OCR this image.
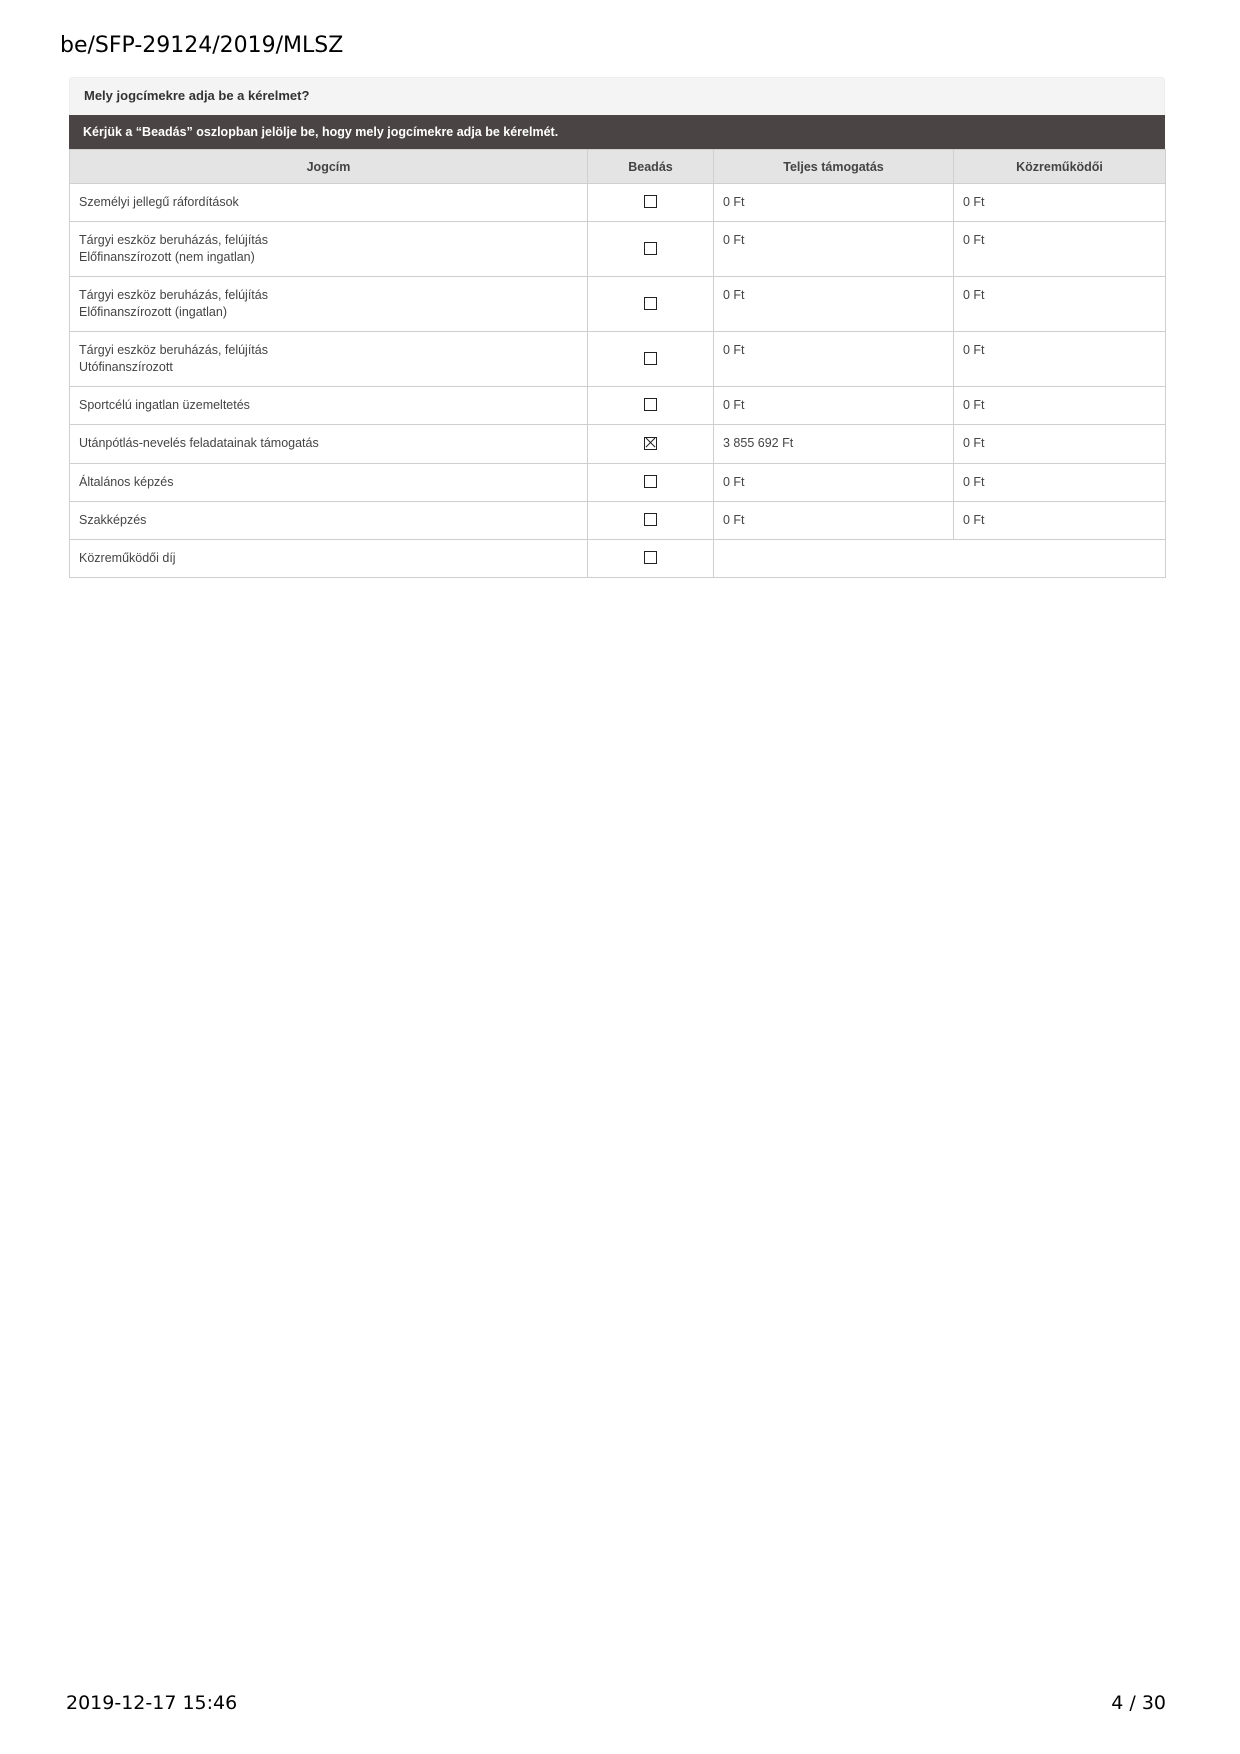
be/SFP-29124/2019/MLSZ
Mely jogcímekre adja be a kérelmet?
Kérjük a “Beadás” oszlopban jelölje be, hogy mely jogcímekre adja be kérelmét.
Jogcím	Beadás	Teljes támogatás	Közreműködői

Személyi jellegű ráfordítások		0 Ft	0 Ft

Tárgyi eszköz beruházás, felújítás
Előfinanszírozott (nem ingatlan)		0 Ft	0 Ft

Tárgyi eszköz beruházás, felújítás
Előfinanszírozott (ingatlan)		0 Ft	0 Ft

Tárgyi eszköz beruházás, felújítás
Utófinanszírozott		0 Ft	0 Ft

Sportcélú ingatlan üzemeltetés		0 Ft	0 Ft

Utánpótlás-nevelés feladatainak támogatás		3 855 692 Ft	0 Ft

Általános képzés		0 Ft	0 Ft

Szakképzés		0 Ft	0 Ft

Közreműködői díj			

2019-12-17 15:46	4 / 30
